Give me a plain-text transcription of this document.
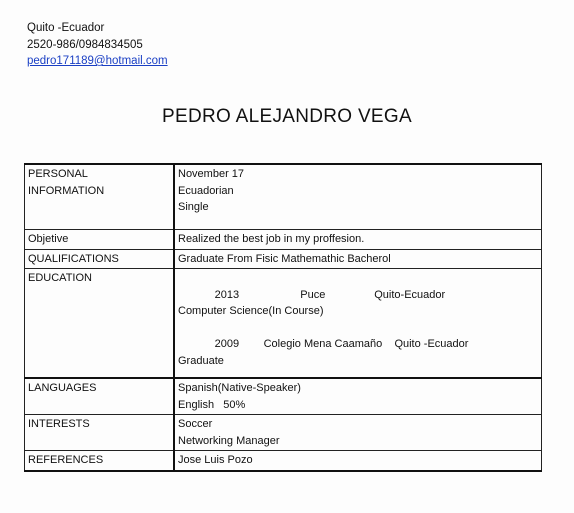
Quito -Ecuador
2520-986/0984834505
pedro171189@hotmail.com
PEDRO ALEJANDRO VEGA
PERSONAL
INFORMATION	November 17
Ecuadorian
Single

Objetive	Realized the best job in my proffesion.
QUALIFICATIONS	Graduate From Fisic Mathemathic Bacherol
EDUCATION	2013                    Puce                Quito-Ecuador
Computer Science(In Course)

2009        Colegio Mena Caamaño    Quito -Ecuador
Graduate

LANGUAGES	Spanish(Native-Speaker)
English   50%

INTERESTS	Soccer
Networking Manager

REFERENCES	Jose Luis Pozo
